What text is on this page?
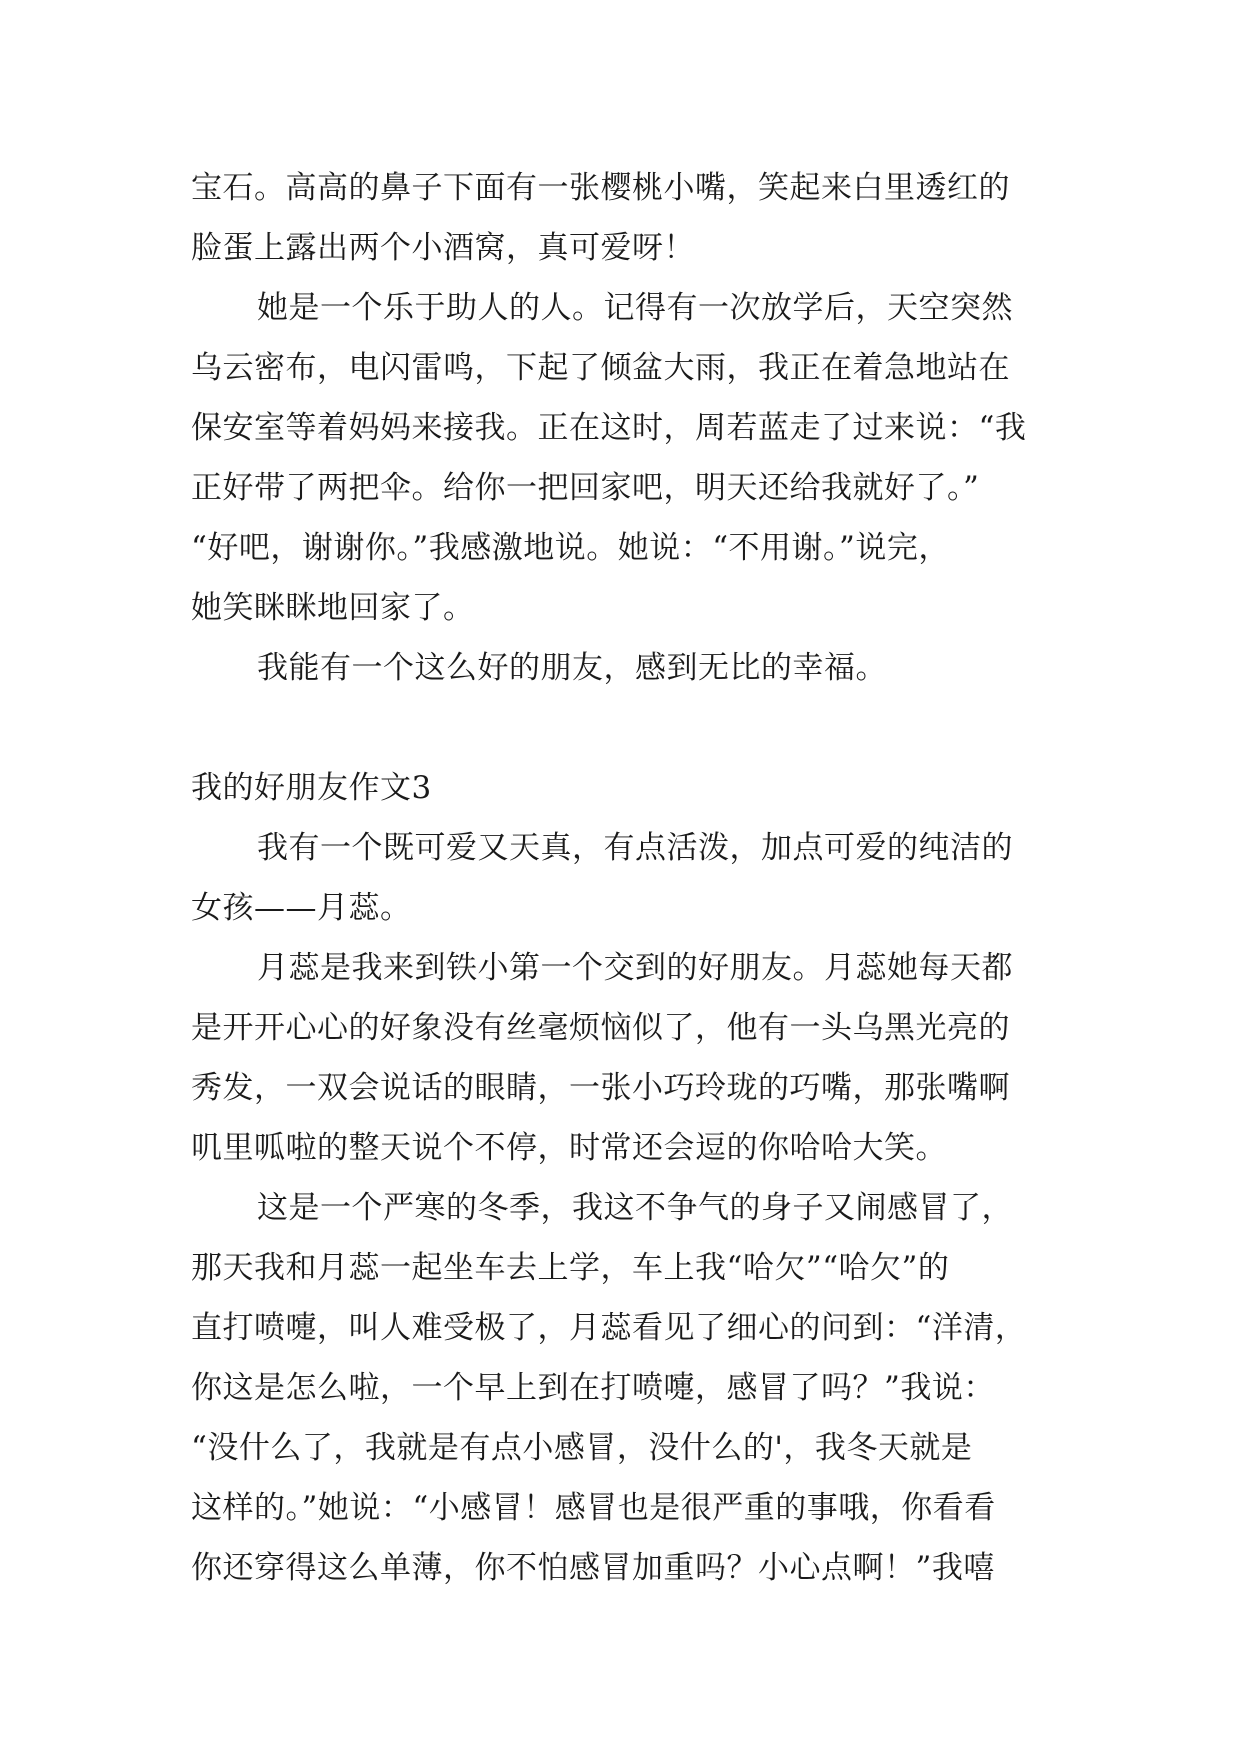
宝石。高高的鼻子下面有一张樱桃小嘴，笑起来白里透红的
脸蛋上露出两个小酒窝，真可爱呀！
她是一个乐于助人的人。记得有一次放学后，天空突然
乌云密布，电闪雷鸣，下起了倾盆大雨，我正在着急地站在
保安室等着妈妈来接我。正在这时，周若蓝走了过来说：“我
正好带了两把伞。给你一把回家吧，明天还给我就好了。”
“好吧，谢谢你。”我感激地说。她说：“不用谢。”说完，
她笑眯眯地回家了。
我能有一个这么好的朋友，感到无比的幸福。
我的好朋友作文3
我有一个既可爱又天真，有点活泼，加点可爱的纯洁的
女孩——月蕊。
月蕊是我来到铁小第一个交到的好朋友。月蕊她每天都
是开开心心的好象没有丝毫烦恼似了，他有一头乌黑光亮的
秀发，一双会说话的眼睛，一张小巧玲珑的巧嘴，那张嘴啊
叽里呱啦的整天说个不停，时常还会逗的你哈哈大笑。
这是一个严寒的冬季，我这不争气的身子又闹感冒了，
那天我和月蕊一起坐车去上学，车上我“哈欠”“哈欠”的
直打喷嚏，叫人难受极了，月蕊看见了细心的问到：“洋清，
你这是怎么啦，一个早上到在打喷嚏，感冒了吗？”我说：
“没什么了，我就是有点小感冒，没什么的'，我冬天就是
这样的。”她说：“小感冒！感冒也是很严重的事哦，你看看
你还穿得这么单薄，你不怕感冒加重吗？小心点啊！”我嘻
